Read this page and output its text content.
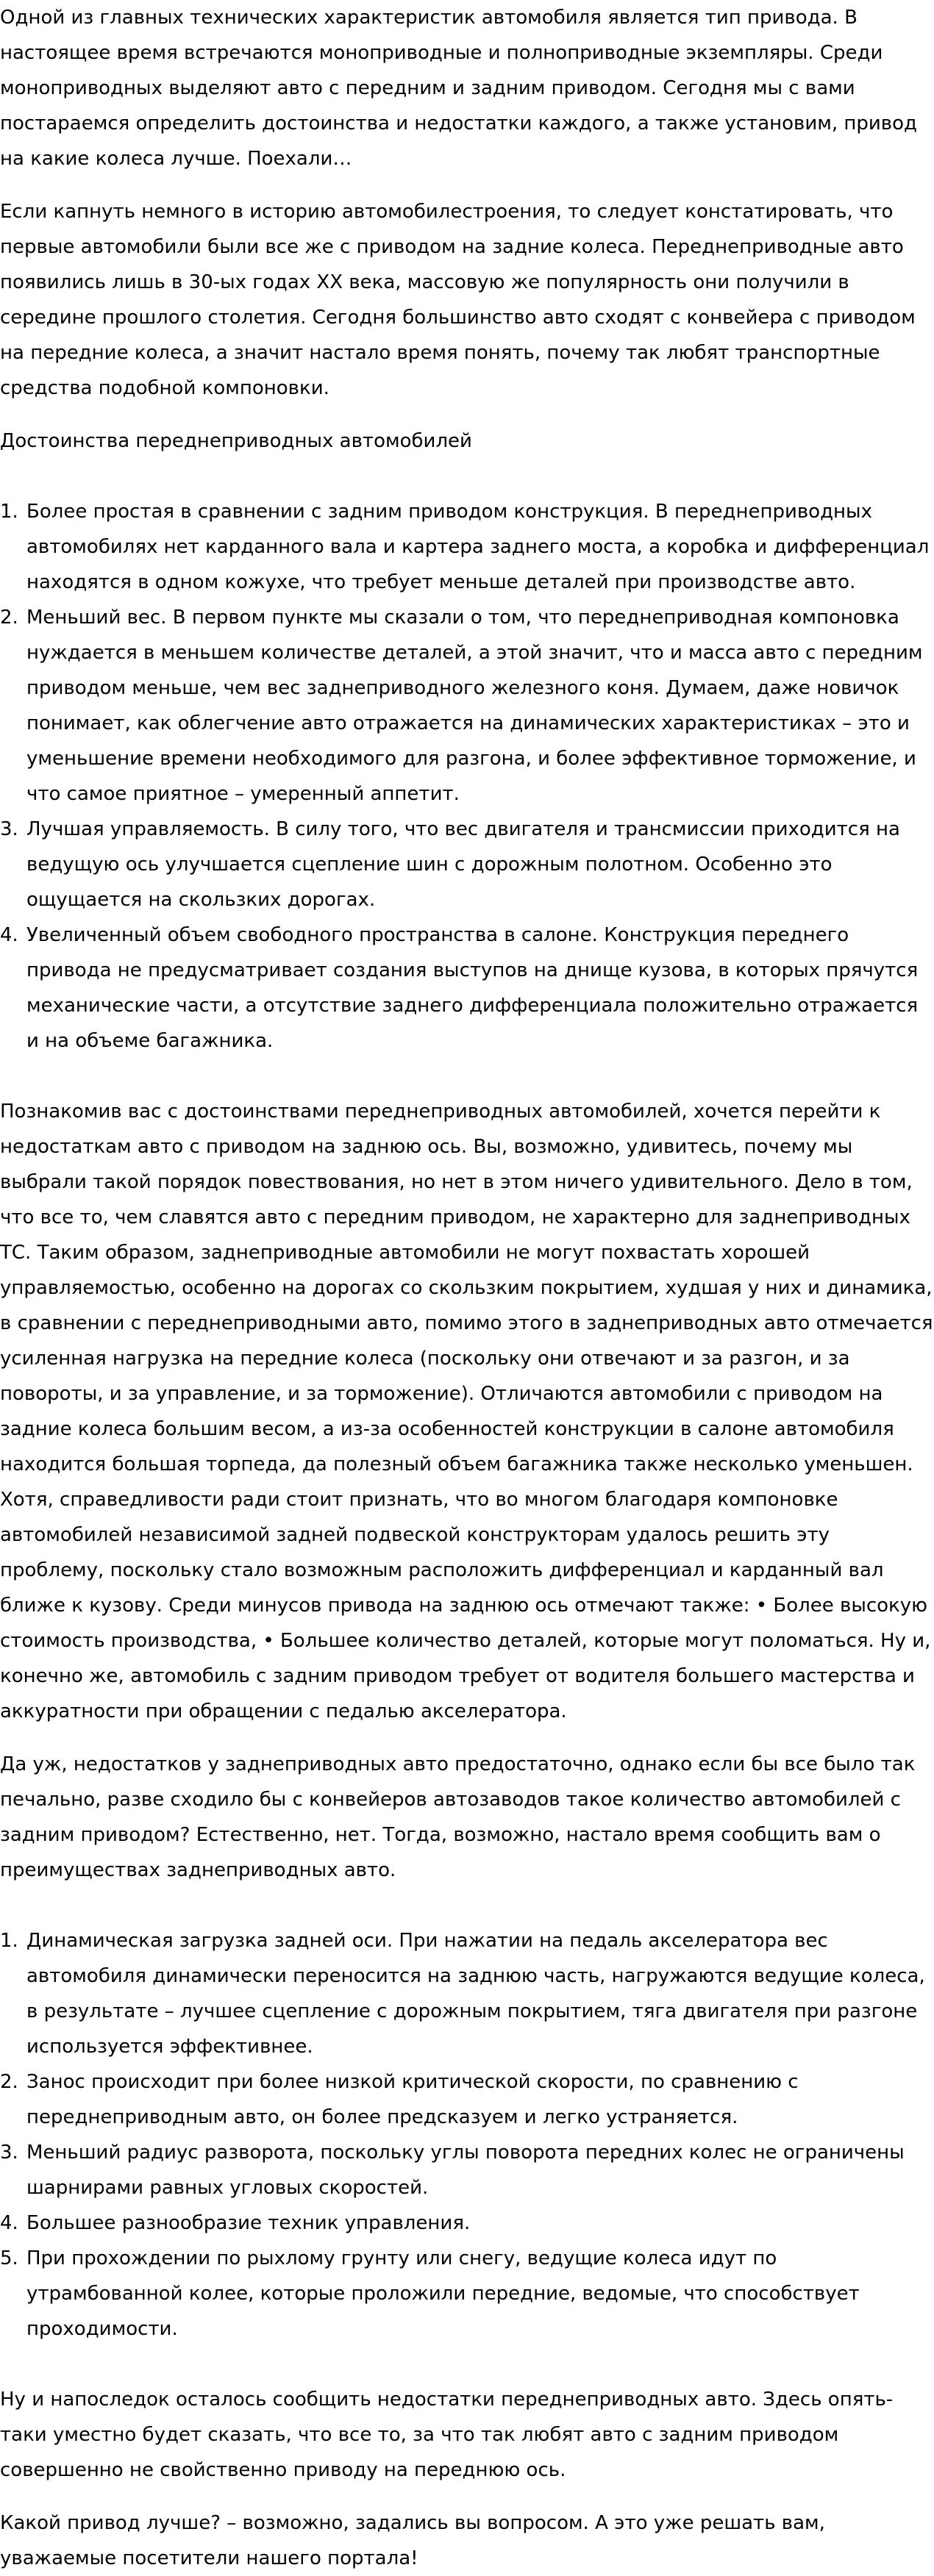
Одной из главных технических характеристик автомобиля является тип привода. В настоящее время встречаются моноприводные и полноприводные экземпляры. Среди моноприводных выделяют авто с передним и задним приводом. Сегодня мы с вами постараемся определить достоинства и недостатки каждого, а также установим, привод на какие колеса лучше. Поехали…

Если капнуть немного в историю автомобилестроения, то следует констатировать, что первые автомобили были все же с приводом на задние колеса. Переднеприводные авто появились лишь в 30-ых годах XX века, массовую же популярность они получили в середине прошлого столетия. Сегодня большинство авто сходят с конвейера с приводом на передние колеса, а значит настало время понять, почему так любят транспортные средства подобной компоновки.

Достоинства переднеприводных автомобилей

Более простая в сравнении с задним приводом конструкция. В переднеприводных автомобилях нет карданного вала и картера заднего моста, а коробка и дифференциал находятся в одном кожухе, что требует меньше деталей при производстве авто.
Меньший вес. В первом пункте мы сказали о том, что переднеприводная компоновка нуждается в меньшем количестве деталей, а этой значит, что и масса авто с передним приводом меньше, чем вес заднеприводного железного коня. Думаем, даже новичок понимает, как облегчение авто отражается на динамических характеристиках – это и уменьшение времени необходимого для разгона, и более эффективное торможение, и что самое приятное – умеренный аппетит.
Лучшая управляемость. В силу того, что вес двигателя и трансмиссии приходится на ведущую ось улучшается сцепление шин с дорожным полотном. Особенно это ощущается на скользких дорогах.
Увеличенный объем свободного пространства в салоне. Конструкция переднего привода не предусматривает создания выступов на днище кузова, в которых прячутся механические части, а отсутствие заднего дифференциала положительно отражается и на объеме багажника.

Познакомив вас с достоинствами переднеприводных автомобилей, хочется перейти к недостаткам авто с приводом на заднюю ось. Вы, возможно, удивитесь, почему мы выбрали такой порядок повествования, но нет в этом ничего удивительного. Дело в том, что все то, чем славятся авто с передним приводом, не характерно для заднеприводных ТС. Таким образом, заднеприводные автомобили не могут похвастать хорошей управляемостью, особенно на дорогах со скользким покрытием, худшая у них и динамика, в сравнении с переднеприводными авто, помимо этого в заднеприводных авто отмечается усиленная нагрузка на передние колеса (поскольку они отвечают и за разгон, и за повороты, и за управление, и за торможение). Отличаются автомобили с приводом на задние колеса большим весом, а из-за особенностей конструкции в салоне автомобиля находится большая торпеда, да полезный объем багажника также несколько уменьшен. Хотя, справедливости ради стоит признать, что во многом благодаря компоновке автомобилей независимой задней подвеской конструкторам удалось решить эту проблему, поскольку стало возможным расположить дифференциал и карданный вал ближе к кузову. Среди минусов привода на заднюю ось отмечают также: • Более высокую стоимость производства, • Большее количество деталей, которые могут поломаться. Ну и, конечно же, автомобиль с задним приводом требует от водителя большего мастерства и аккуратности при обращении с педалью акселератора.

Да уж, недостатков у заднеприводных авто предостаточно, однако если бы все было так печально, разве сходило бы с конвейеров автозаводов такое количество автомобилей с задним приводом? Естественно, нет. Тогда, возможно, настало время сообщить вам о преимуществах заднеприводных авто.

Динамическая загрузка задней оси. При нажатии на педаль акселератора вес автомобиля динамически переносится на заднюю часть, нагружаются ведущие колеса, в результате – лучшее сцепление с дорожным покрытием, тяга двигателя при разгоне используется эффективнее.
Занос происходит при более низкой критической скорости, по сравнению с переднеприводным авто, он более предсказуем и легко устраняется.
Меньший радиус разворота, поскольку углы поворота передних колес не ограничены шарнирами равных угловых скоростей.
Большее разнообразие техник управления.
При прохождении по рыхлому грунту или снегу, ведущие колеса идут по утрамбованной колее, которые проложили передние, ведомые, что способствует проходимости.

Ну и напоследок осталось сообщить недостатки переднеприводных авто. Здесь опять-таки уместно будет сказать, что все то, за что так любят авто с задним приводом совершенно не свойственно приводу на переднюю ось.

Какой привод лучше? – возможно, задались вы вопросом. А это уже решать вам, уважаемые посетители нашего портала!
